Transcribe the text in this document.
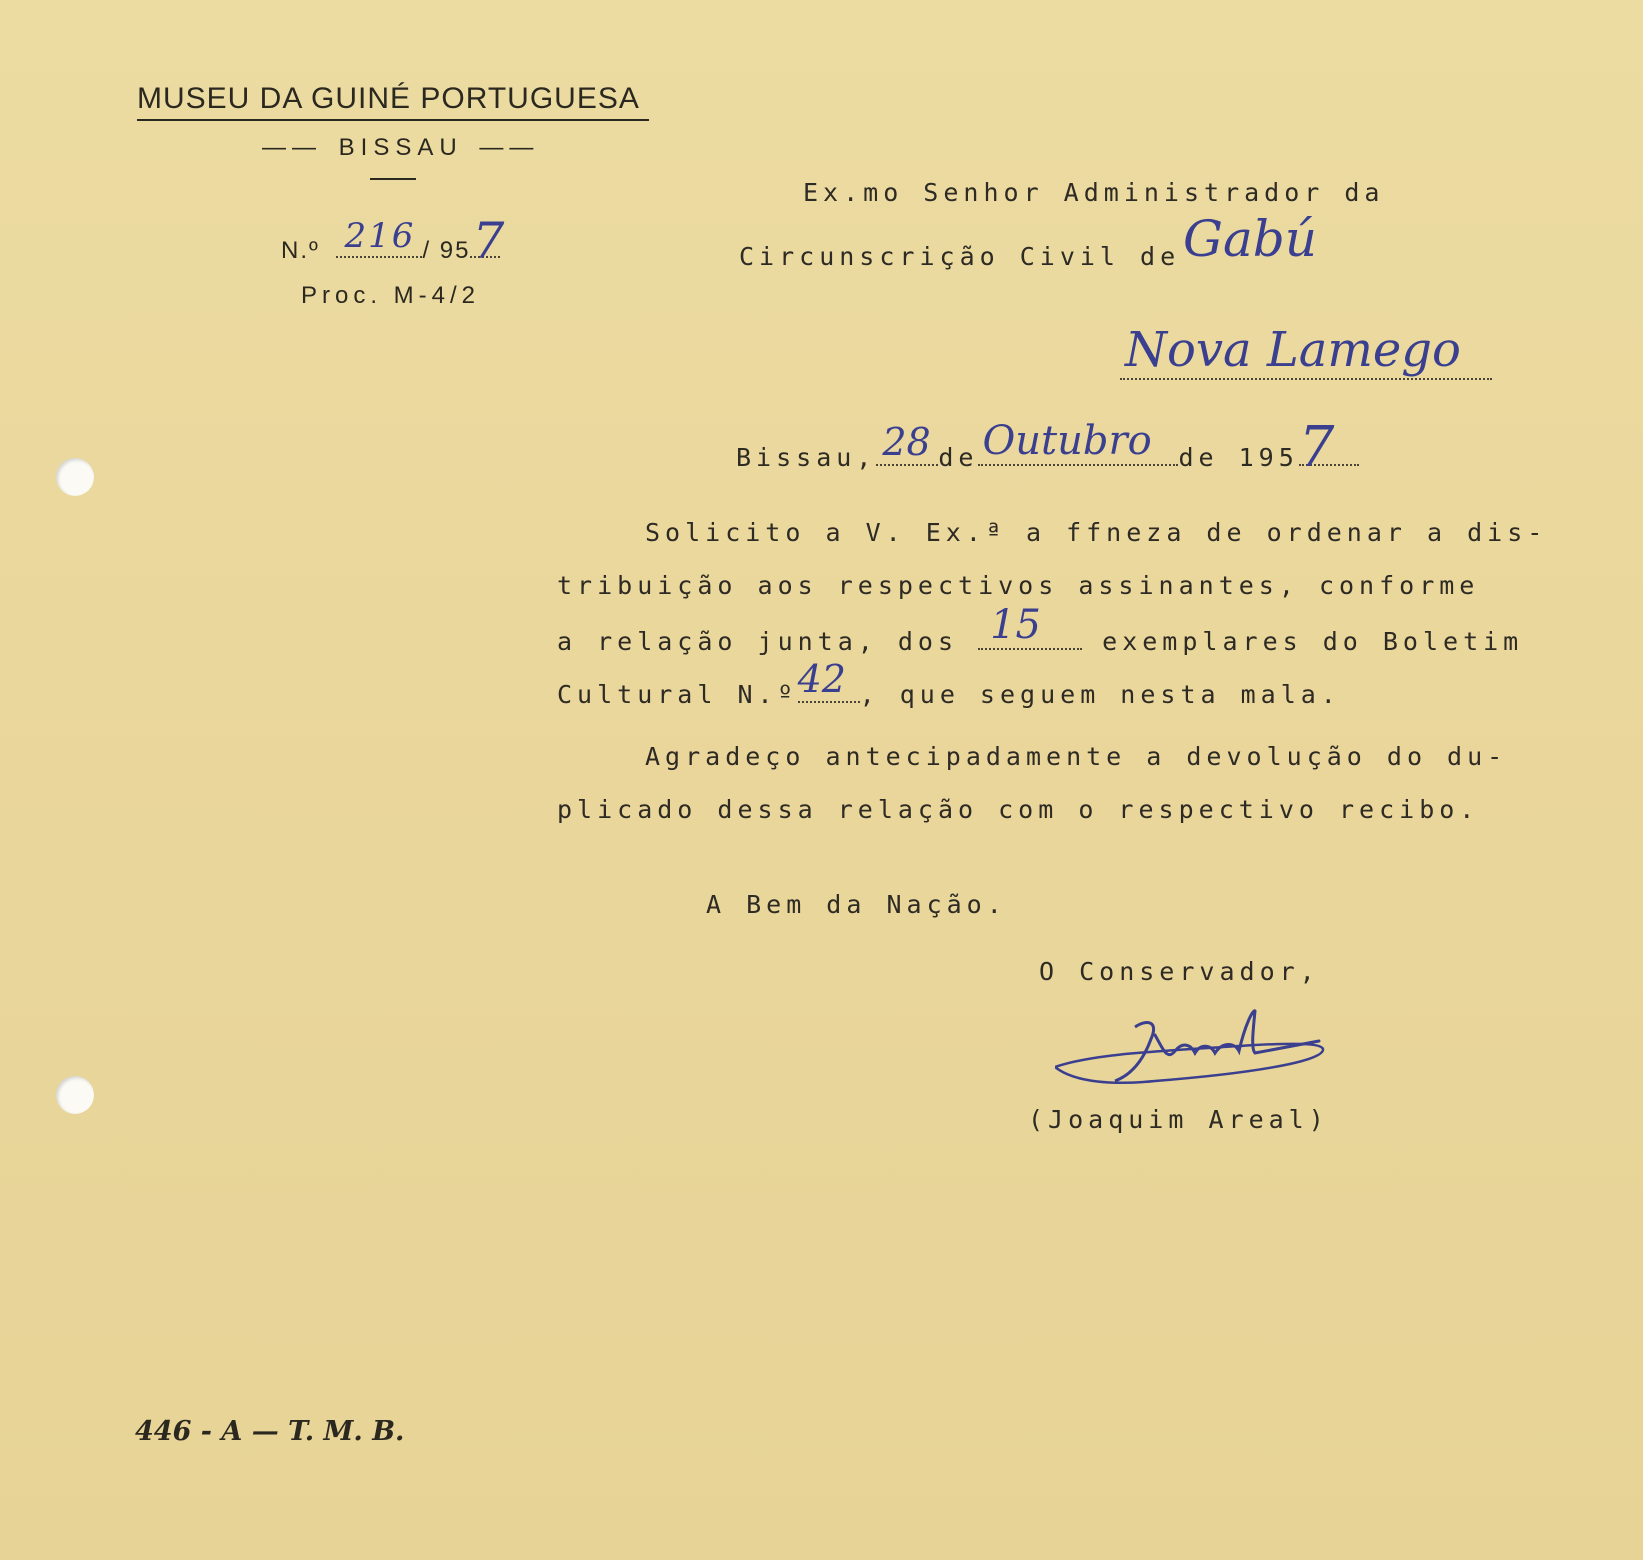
MUSEU DA GUINÉ PORTUGUESA
—— BISSAU ——
N.º 216 / 95 7
Proc. M-4/2
Ex.mo Senhor Administrador da
Circunscrição Civil de Gabú
Nova Lamego
Bissau, 28 de Outubro de 195 7
Solicito a V. Ex.ª a ffneza de ordenar a dis-
tribuição aos respectivos assinantes, conforme
a relação junta, dos 15 exemplares do Boletim
Cultural N.º 42 , que seguem nesta mala.
Agradeço antecipadamente a devolução do du-
plicado dessa relação com o respectivo recibo.
A Bem da Nação.
O Conservador,
(Joaquim Areal)
446 - A — T. M. B.
